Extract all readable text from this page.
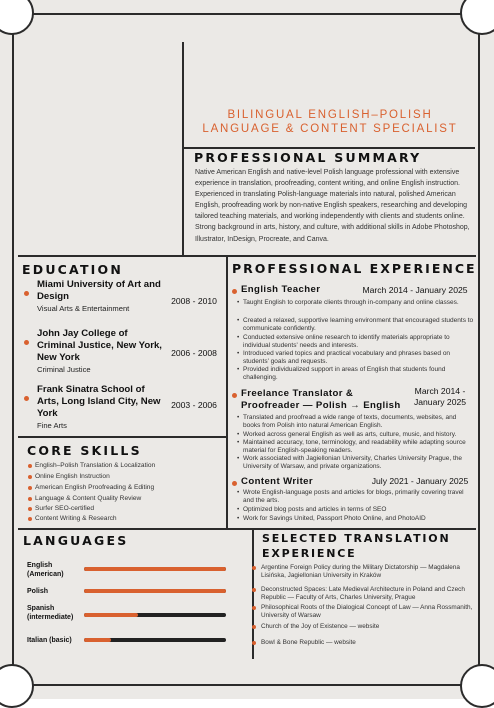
BILINGUAL ENGLISH–POLISH
LANGUAGE & CONTENT SPECIALIST
PROFESSIONAL SUMMARY
Native American English and native-level Polish language professional with extensive experience in translation, proofreading, content writing, and online English instruction. Experienced in translating Polish-language materials into natural, polished American English, proofreading work by non-native English speakers, researching and developing tailored teaching materials, and working independently with clients and students online. Strong background in arts, history, and culture, with additional skills in Adobe Photoshop, Illustrator, InDesign, Procreate, and Canva.
EDUCATION
Miami University of Art and Design
Visual Arts & Entertainment
2008 - 2010
John Jay College of Criminal Justice, New York, New York
Criminal Justice
2006 - 2008
Frank Sinatra School of Arts, Long Island City, New York
Fine Arts
2003 - 2006
CORE SKILLS
English–Polish Translation & Localization
Online English Instruction
American English Proofreading & Editing
Language & Content Quality Review
Surfer SEO-certified
Content Writing & Research
LANGUAGES
English (American)
Polish
Spanish (intermediate)
Italian (basic)
PROFESSIONAL EXPERIENCE
English Teacher	March 2014 - January 2025
• Taught English to corporate clients through in-company and online classes.
• Created a relaxed, supportive learning environment that encouraged students to communicate confidently.
• Conducted extensive online research to identify materials appropriate to individual students' needs and interests.
• Introduced varied topics and practical vocabulary and phrases based on students' goals and requests.
• Provided individualized support in areas of English that students found challenging.
Freelance Translator & Proofreader — Polish → English
March 2014 -
January 2025
• Translated and proofread a wide range of texts, documents, websites, and books from Polish into natural American English.
• Worked across general English as well as arts, culture, music, and history.
• Maintained accuracy, tone, terminology, and readability while adapting source material for English-speaking readers.
• Work associated with Jagiellonian University, Charles University Prague, the University of Warsaw, and private organizations.
Content Writer	July 2021 - January 2025
• Wrote English-language posts and articles for blogs, primarily covering travel and the arts.
• Optimized blog posts and articles in terms of SEO
• Work for Savings United, Passport Photo Online, and PhotoAID
SELECTED TRANSLATION
EXPERIENCE
Argentine Foreign Policy during the Military Dictatorship — Magdalena Lisińska, Jagiellonian University in Kraków
Deconstructed Spaces: Late Medieval Architecture in Poland and Czech Republic — Faculty of Arts, Charles University, Prague
Philosophical Roots of the Dialogical Concept of Law — Anna Rossmanith, University of Warsaw
Church of the Joy of Existence — website
Bowl & Bone Republic — website
